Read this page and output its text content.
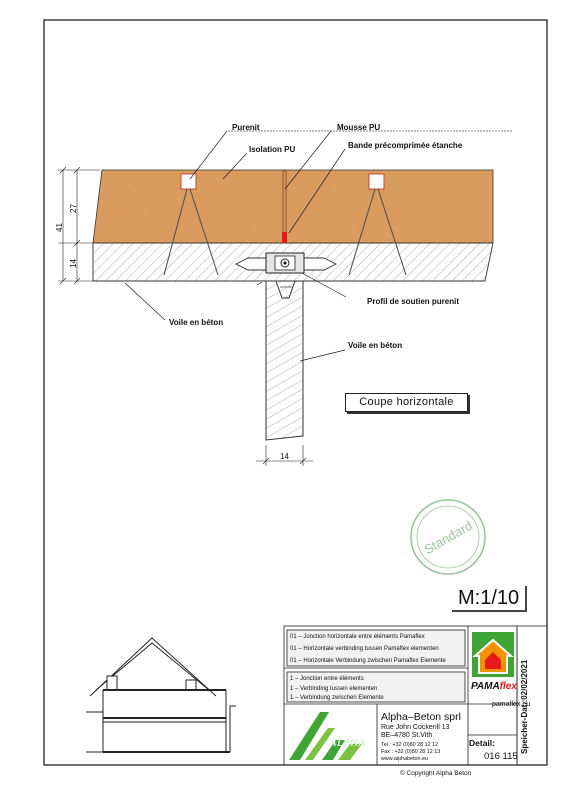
Standard
Purenit
Isolation PU
Mousse PU
Bande précomprimée étanche
Profil de soutien purenit
Voile en béton
Voile en béton
41
27
14
14
Coupe horizontale
M:1/10
01 – Jonction horizontale entre éléments Pamaflex
01 – Horizontale verbinding tussen Pamaflex elementen
01 – Horizontale Verbindung zwischen Pamaflex Elemente
1 – Jonction entre éléments
1 – Verbinding tussen elementen
1 – Verbindung zwischen Elemente
PAMAflex
pamaflex.eu
Alpha–Beton sprl
Rue John Cockerill 13
BE–4780 St.Vith
Tel : +32 (0)80 28 12 12
Fax : +32 (0)80 28 12 13
www.alphabeton.eu
ALPHA	Detail:
016 115
Speicher-Dat.:02/02/2021
© Copyright Alpha Beton
